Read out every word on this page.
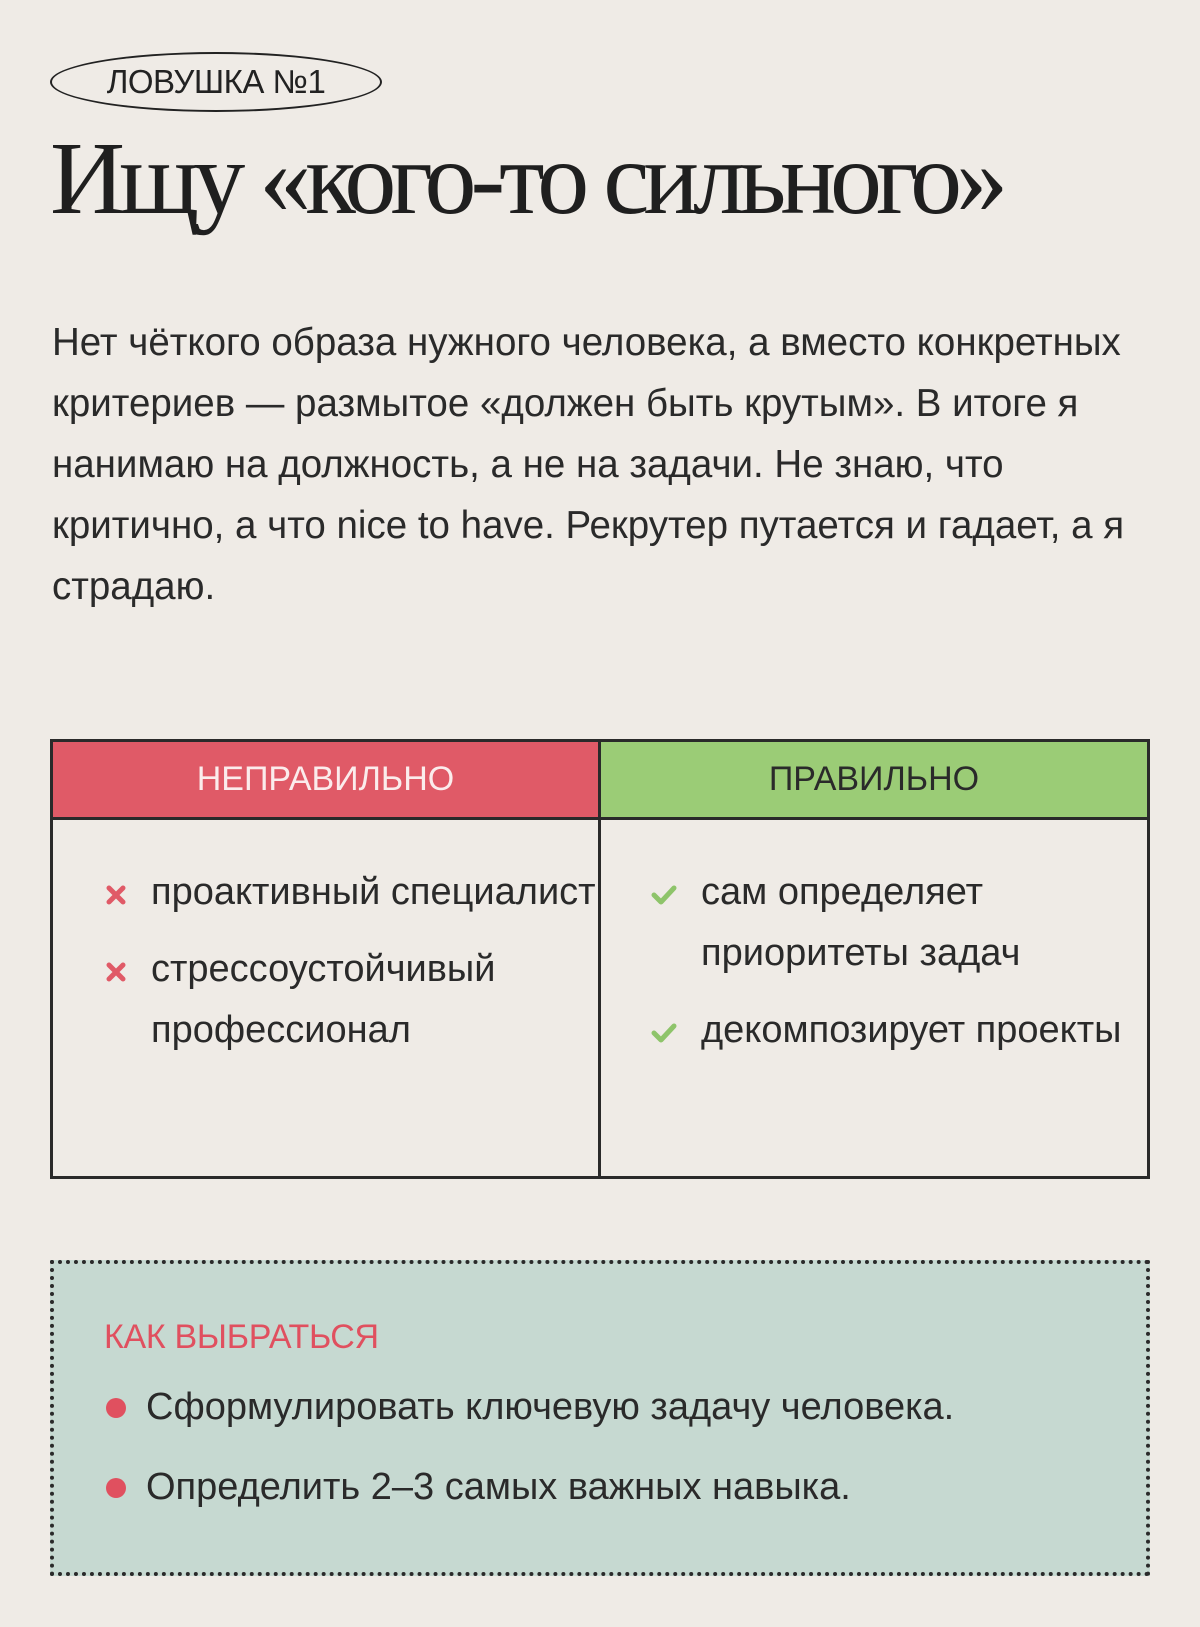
ЛОВУШКА №1
Ищу «кого-то сильного»

Нет чёткого образа нужного человека, а вместо конкретных критериев — размытое «должен быть крутым». В итоге я нанимаю на должность, а не на задачи. Не знаю, что критично, а что nice to have. Рекрутер путается и гадает, а я страдаю.

НЕПРАВИЛЬНО	ПРАВИЛЬНО
проактивный специалист
стрессоустойчивый профессионал
сам определяет приоритеты задач
декомпозирует проекты
КАК ВЫБРАТЬСЯ
Сформулировать ключевую задачу человека.
Определить 2–3 самых важных навыка.
